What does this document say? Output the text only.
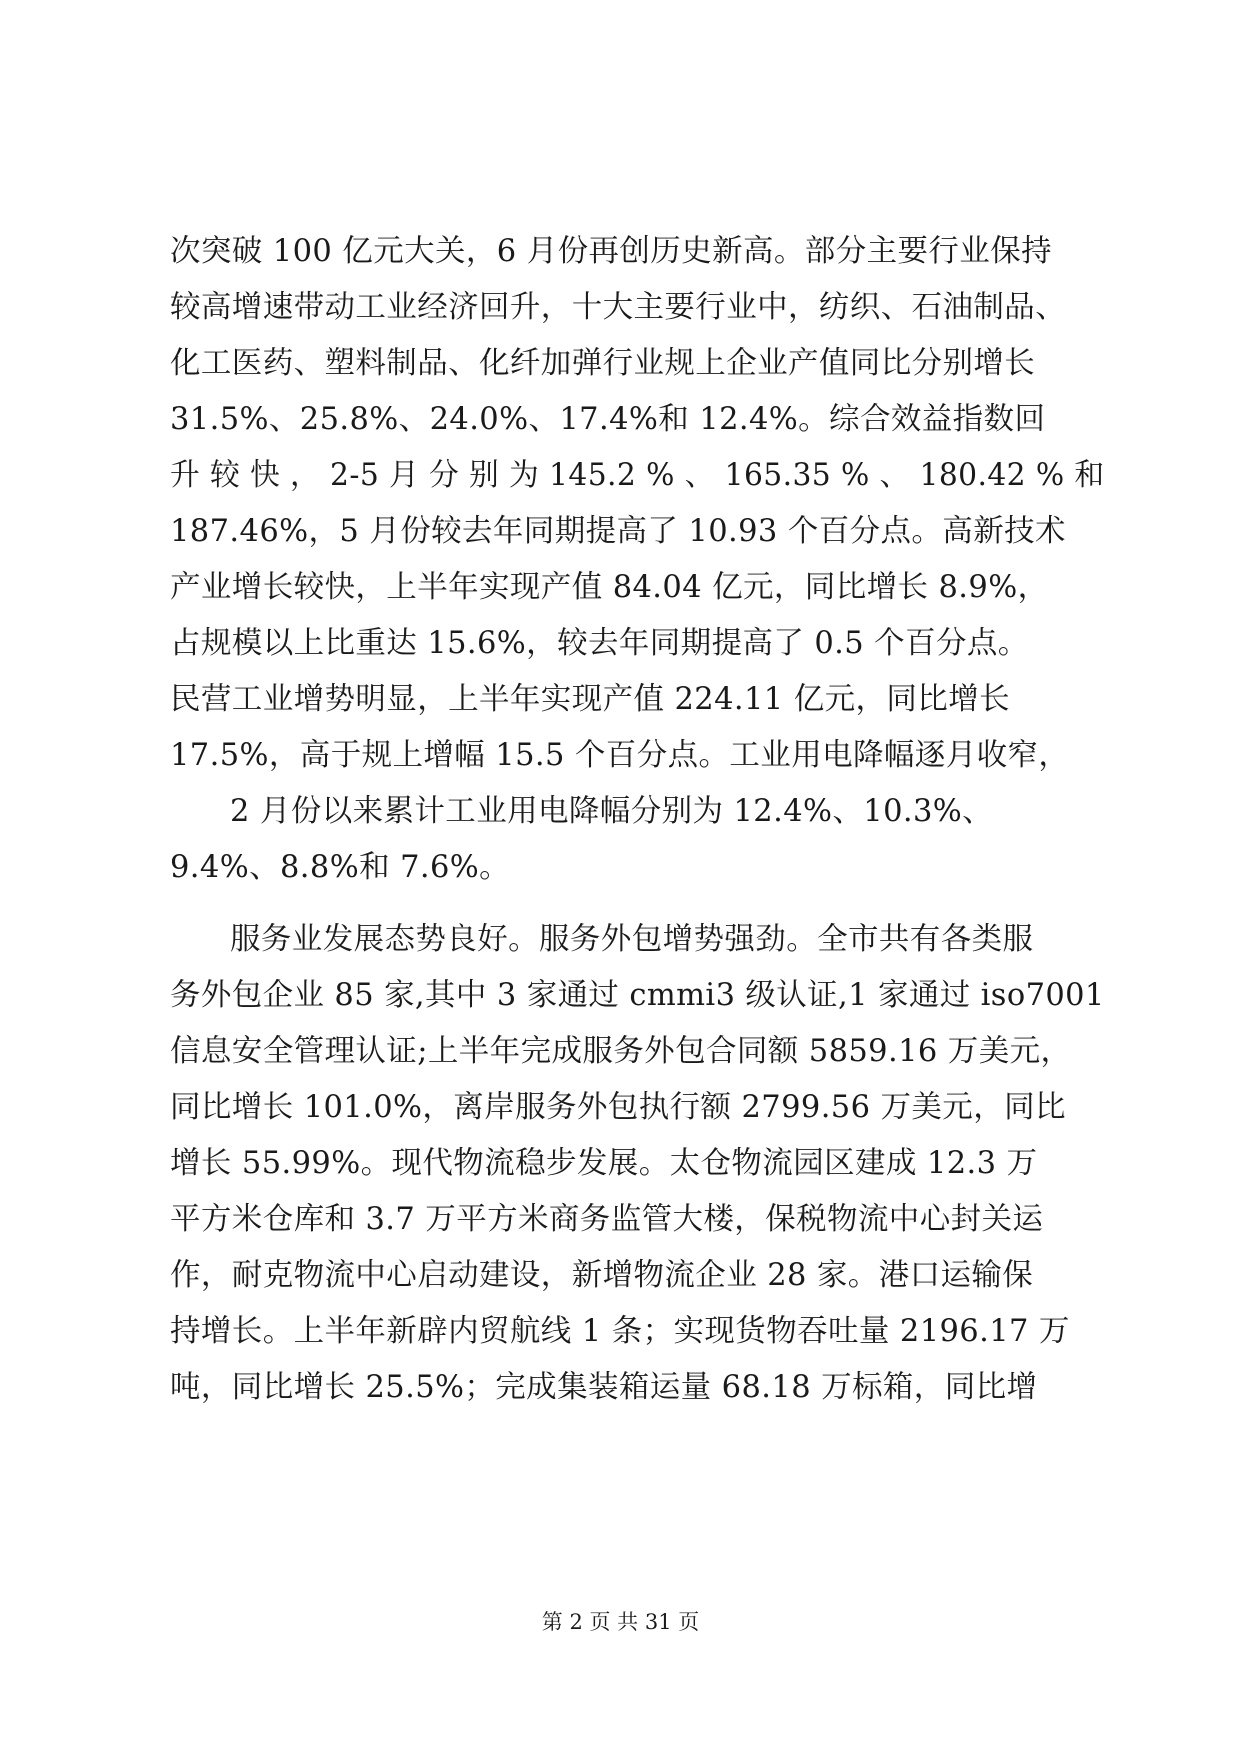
次突破 100 亿元大关，6 月份再创历史新高。部分主要行业保持
较高增速带动工业经济回升，十大主要行业中，纺织、石油制品、
化工医药、塑料制品、化纤加弹行业规上企业产值同比分别增长
31.5%、25.8%、24.0%、17.4%和 12.4%。综合效益指数回
升 较 快 ， 2-5 月 分 别 为 145.2 % 、 165.35 % 、 180.42 % 和
187.46%，5 月份较去年同期提高了 10.93 个百分点。高新技术
产业增长较快，上半年实现产值 84.04 亿元，同比增长 8.9%，
占规模以上比重达 15.6%，较去年同期提高了 0.5 个百分点。
民营工业增势明显，上半年实现产值 224.11 亿元，同比增长
17.5%，高于规上增幅 15.5 个百分点。工业用电降幅逐月收窄，
2 月份以来累计工业用电降幅分别为 12.4%、10.3%、
9.4%、8.8%和 7.6%。
服务业发展态势良好。服务外包增势强劲。全市共有各类服
务外包企业 85 家,其中 3 家通过 cmmi3 级认证,1 家通过 iso7001
信息安全管理认证;上半年完成服务外包合同额 5859.16 万美元，
同比增长 101.0%，离岸服务外包执行额 2799.56 万美元，同比
增长 55.99%。现代物流稳步发展。太仓物流园区建成 12.3 万
平方米仓库和 3.7 万平方米商务监管大楼，保税物流中心封关运
作，耐克物流中心启动建设，新增物流企业 28 家。港口运输保
持增长。上半年新辟内贸航线 1 条；实现货物吞吐量 2196.17 万
吨，同比增长 25.5%；完成集装箱运量 68.18 万标箱，同比增
第 2 页 共 31 页
